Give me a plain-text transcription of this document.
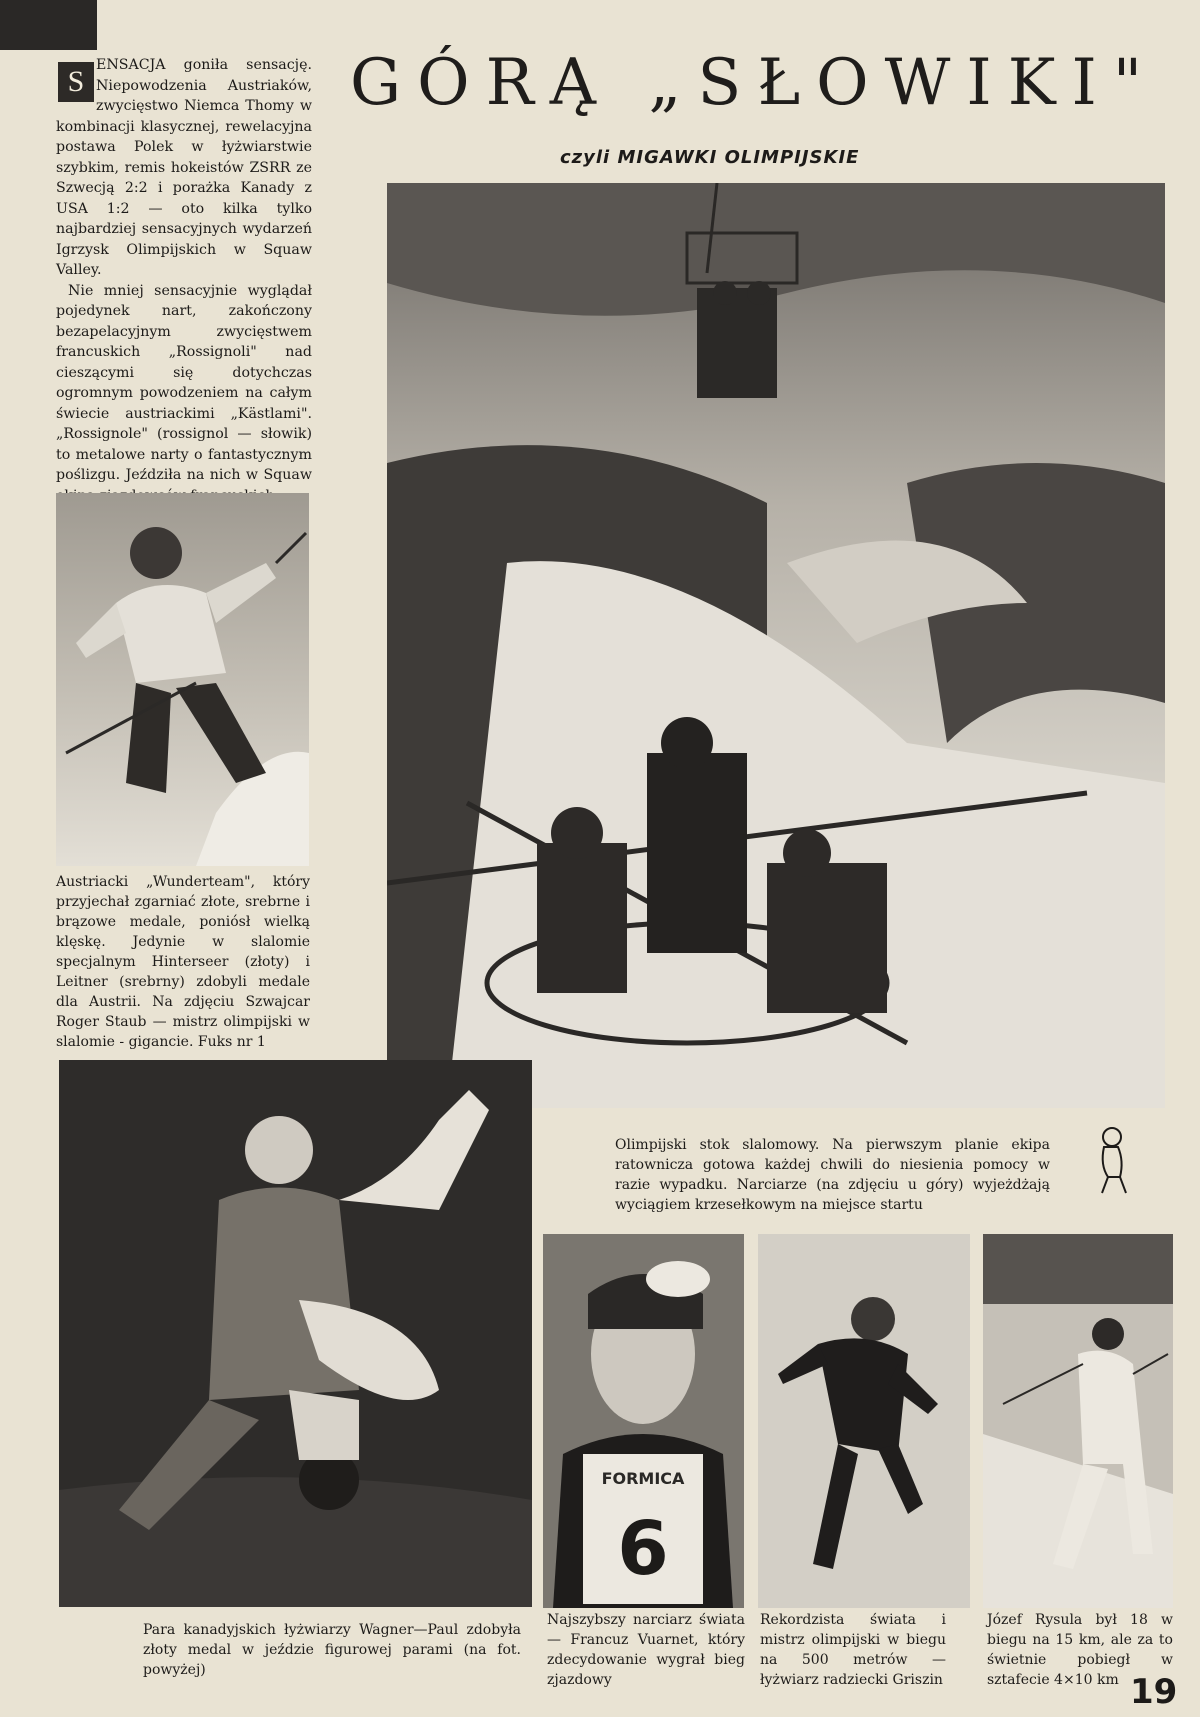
S ENSACJA goniła sensację. Niepowodzenia Austriaków, zwycięstwo Niemca Thomy w kombinacji klasycznej, rewelacyjna postawa Polek w łyżwiarstwie szybkim, remis hokeistów ZSRR ze Szwecją 2:2 i porażka Kanady z USA 1:2 — oto kilka tylko najbardziej sensacyjnych wydarzeń Igrzysk Olimpijskich w Squaw Valley.

Nie mniej sensacyjnie wyglądał pojedynek nart, zakończony bezapelacyjnym zwycięstwem francuskich „Rossignoli" nad cieszącymi się dotychczas ogromnym powodzeniem na całym świecie austriackimi „Kästlami". „Rossignole" (rossignol — słowik) to metalowe narty o fantastycznym poślizgu. Jeździła na nich w Squaw

GÓRĄ „SŁOWIKI"
czyli MIGAWKI OLIMPIJSKIE
Austriacki „Wunderteam", który przyjechał zgarniać złote, srebrne i brązowe medale, poniósł wielką klęskę. Jedynie w slalomie specjalnym Hinterseer (złoty) i Leitner (srebrny) zdobyli medale dla Austrii. Na zdjęciu Szwajcar Roger Staub — mistrz olimpijski w slalomie - gigancie. Fuks nr 1
Olimpijski stok slalomowy. Na pierwszym planie ekipa ratownicza gotowa każdej chwili do niesienia pomocy w razie wypadku. Narciarze (na zdjęciu u góry) wyjeżdżają wyciągiem krzesełkowym na miejsce startu
Para kanadyjskich łyżwiarzy Wagner—Paul zdobyła złoty medal w jeździe figurowej parami (na fot. powyżej)
FORMICA
6
Najszybszy narciarz świata — Francuz Vuarnet, który zdecydowanie wygrał bieg zjazdowy
Rekordzista świata i mistrz olimpijski w biegu na 500 metrów — łyżwiarz radziecki Griszin
Józef Rysula był 18 w biegu na 15 km, ale za to świetnie pobiegł w sztafecie 4×10 km 19
